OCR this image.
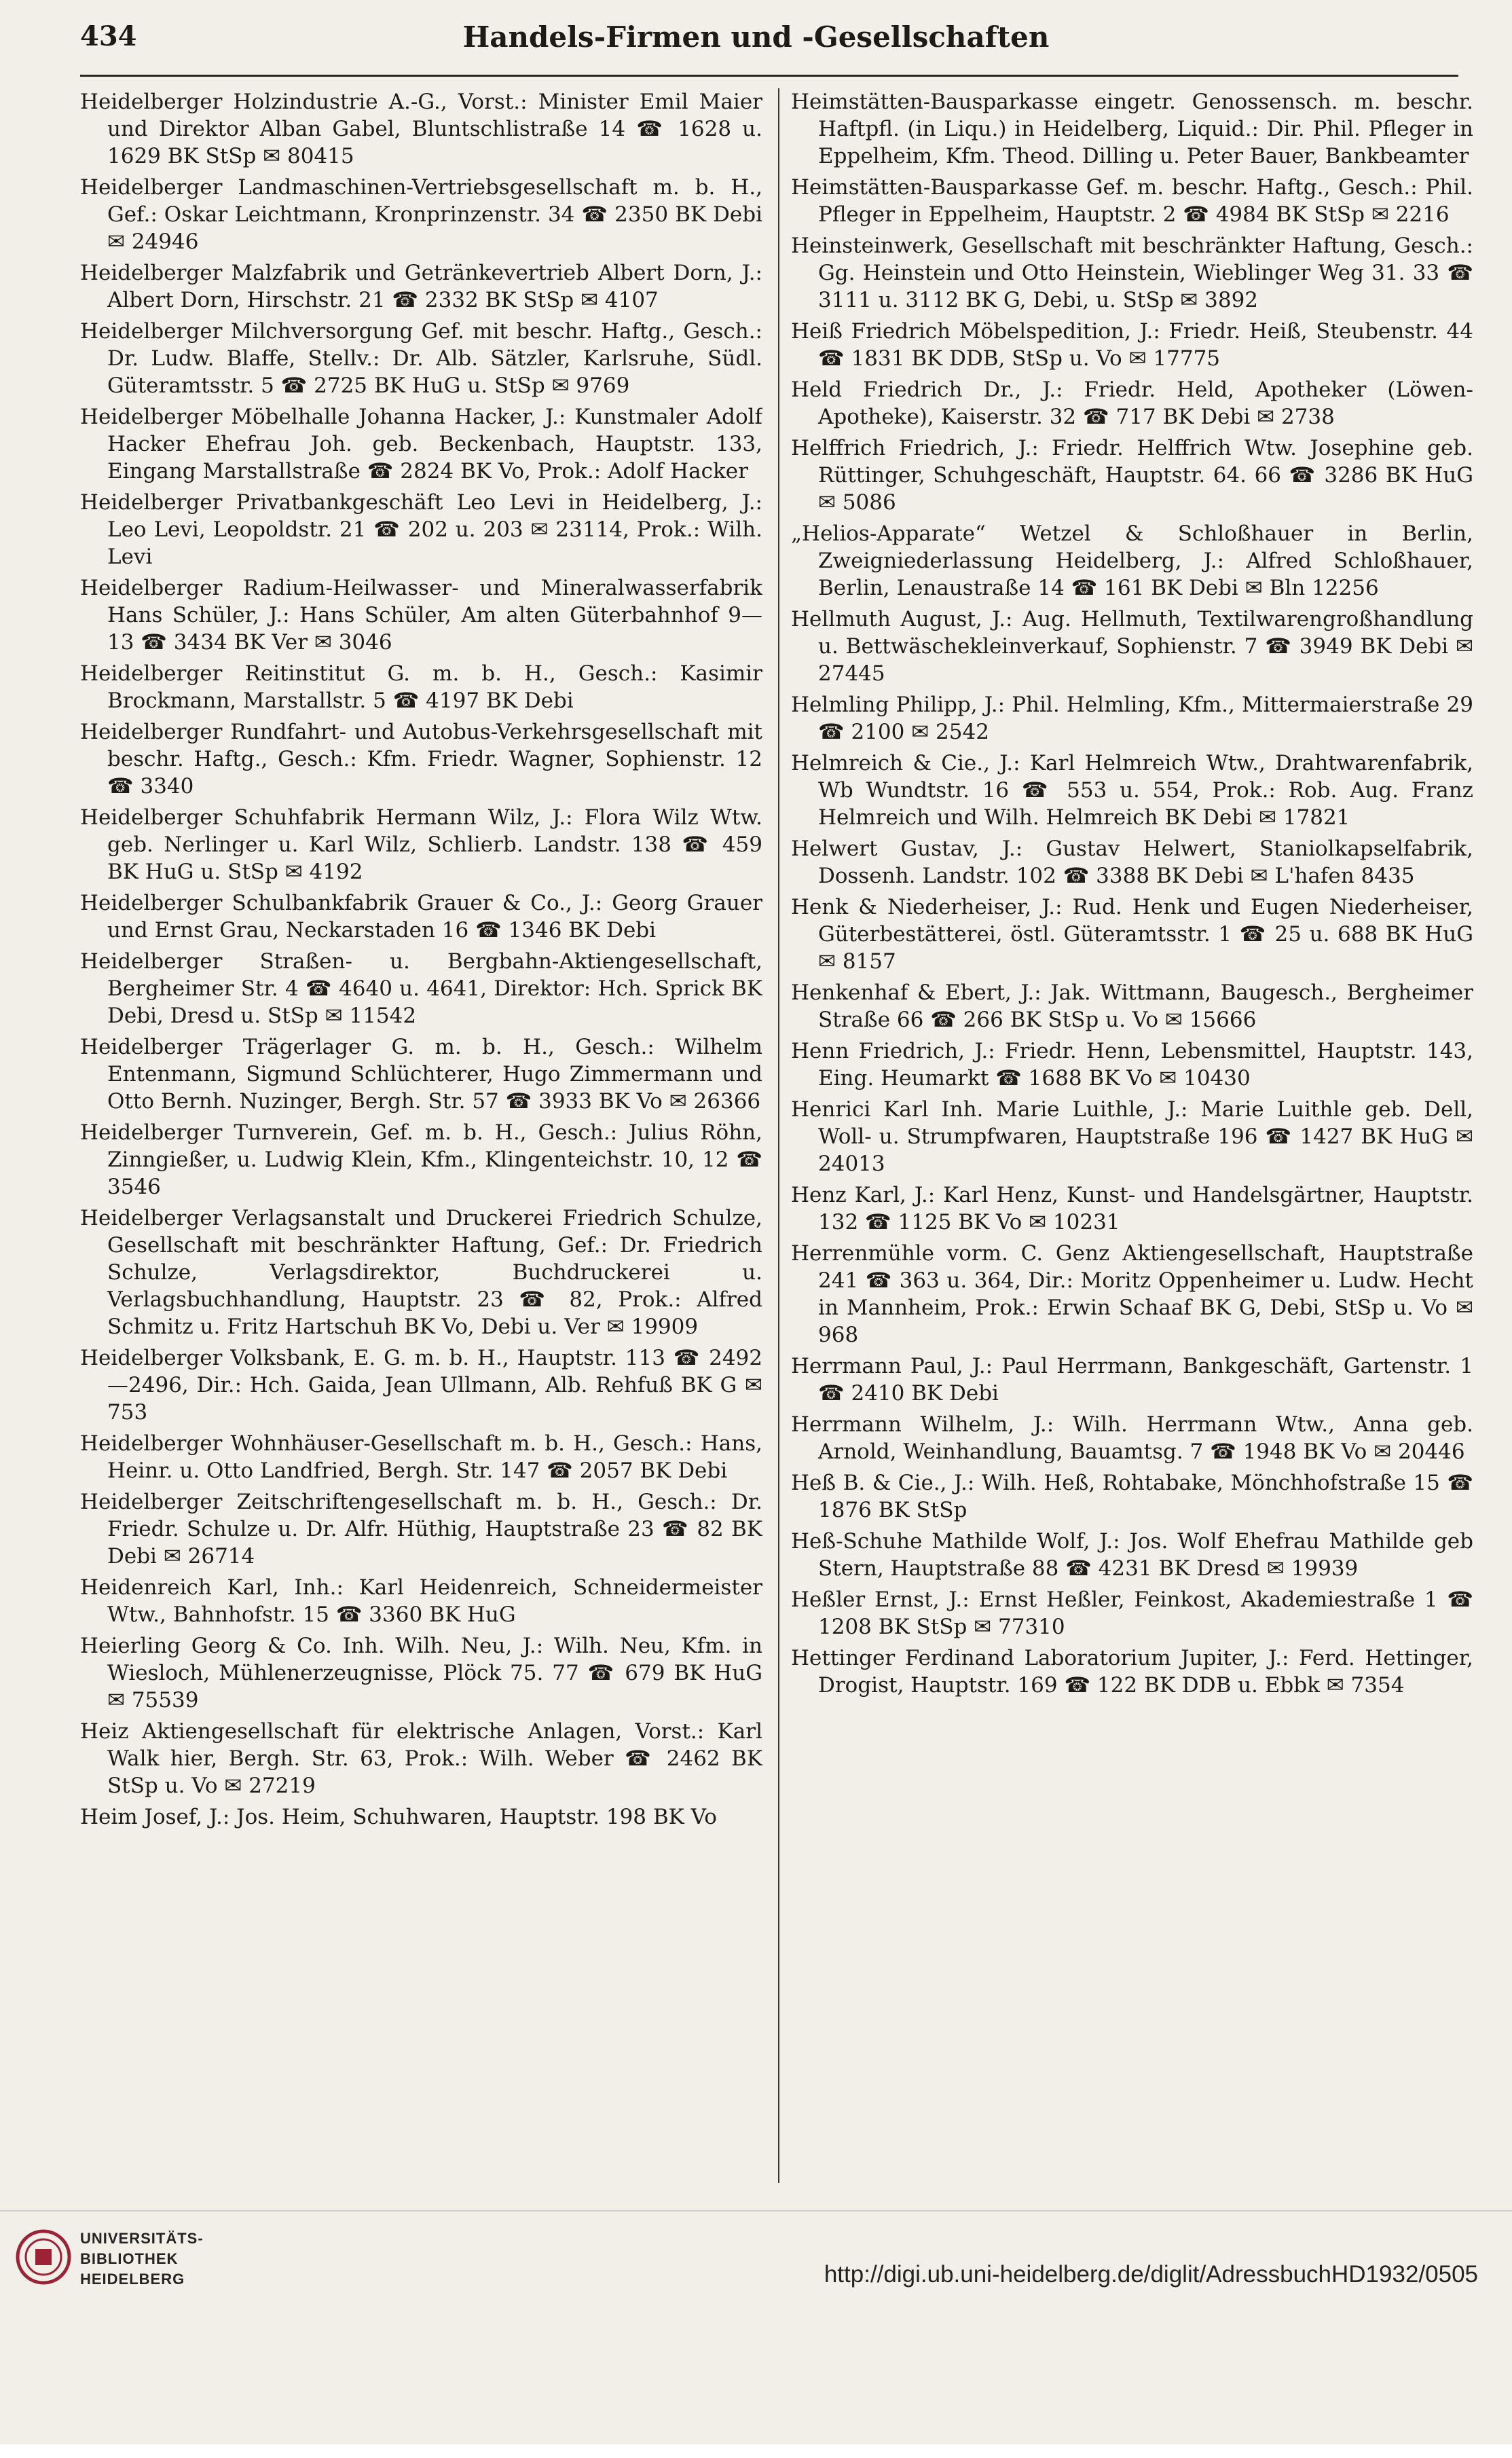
434	Handels-Firmen und -Gesellschaften

Heidelberger Holzindustrie A.-G., Vorst.: Minister Emil Maier und Direktor Alban Gabel, Bluntschlistraße 14 ☎ 1628 u. 1629 BK StSp ✉ 80415

Heidelberger Landmaschinen-Vertriebsgesellschaft m. b. H., Gef.: Oskar Leichtmann, Kronprinzenstr. 34 ☎ 2350 BK Debi ✉ 24946

Heidelberger Malzfabrik und Getränkevertrieb Albert Dorn, J.: Albert Dorn, Hirschstr. 21 ☎ 2332 BK StSp ✉ 4107

Heidelberger Milchversorgung Gef. mit beschr. Haftg., Gesch.: Dr. Ludw. Blaffe, Stellv.: Dr. Alb. Sätzler, Karlsruhe, Südl. Güteramtsstr. 5 ☎ 2725 BK HuG u. StSp ✉ 9769

Heidelberger Möbelhalle Johanna Hacker, J.: Kunstmaler Adolf Hacker Ehefrau Joh. geb. Beckenbach, Hauptstr. 133, Eingang Marstallstraße ☎ 2824 BK Vo, Prok.: Adolf Hacker

Heidelberger Privatbankgeschäft Leo Levi in Heidelberg, J.: Leo Levi, Leopoldstr. 21 ☎ 202 u. 203 ✉ 23114, Prok.: Wilh. Levi

Heidelberger Radium-Heilwasser- und Mineralwasserfabrik Hans Schüler, J.: Hans Schüler, Am alten Güterbahnhof 9—13 ☎ 3434 BK Ver ✉ 3046

Heidelberger Reitinstitut G. m. b. H., Gesch.: Kasimir Brockmann, Marstallstr. 5 ☎ 4197 BK Debi

Heidelberger Rundfahrt- und Autobus-Verkehrsgesellschaft mit beschr. Haftg., Gesch.: Kfm. Friedr. Wagner, Sophienstr. 12 ☎ 3340

Heidelberger Schuhfabrik Hermann Wilz, J.: Flora Wilz Wtw. geb. Nerlinger u. Karl Wilz, Schlierb. Landstr. 138 ☎ 459 BK HuG u. StSp ✉ 4192

Heidelberger Schulbankfabrik Grauer & Co., J.: Georg Grauer und Ernst Grau, Neckarstaden 16 ☎ 1346 BK Debi

Heidelberger Straßen- u. Bergbahn-Aktiengesellschaft, Bergheimer Str. 4 ☎ 4640 u. 4641, Direktor: Hch. Sprick BK Debi, Dresd u. StSp ✉ 11542

Heidelberger Trägerlager G. m. b. H., Gesch.: Wilhelm Entenmann, Sigmund Schlüchterer, Hugo Zimmermann und Otto Bernh. Nuzinger, Bergh. Str. 57 ☎ 3933 BK Vo ✉ 26366

Heidelberger Turnverein, Gef. m. b. H., Gesch.: Julius Röhn, Zinngießer, u. Ludwig Klein, Kfm., Klingenteichstr. 10, 12 ☎ 3546

Heidelberger Verlagsanstalt und Druckerei Friedrich Schulze, Gesellschaft mit beschränkter Haftung, Gef.: Dr. Friedrich Schulze, Verlagsdirektor, Buchdruckerei u. Verlagsbuchhandlung, Hauptstr. 23 ☎ 82, Prok.: Alfred Schmitz u. Fritz Hartschuh BK Vo, Debi u. Ver ✉ 19909

Heidelberger Volksbank, E. G. m. b. H., Hauptstr. 113 ☎ 2492—2496, Dir.: Hch. Gaida, Jean Ullmann, Alb. Rehfuß BK G ✉ 753

Heidelberger Wohnhäuser-Gesellschaft m. b. H., Gesch.: Hans, Heinr. u. Otto Landfried, Bergh. Str. 147 ☎ 2057 BK Debi

Heidelberger Zeitschriftengesellschaft m. b. H., Gesch.: Dr. Friedr. Schulze u. Dr. Alfr. Hüthig, Hauptstraße 23 ☎ 82 BK Debi ✉ 26714

Heidenreich Karl, Inh.: Karl Heidenreich, Schneidermeister Wtw., Bahnhofstr. 15 ☎ 3360 BK HuG

Heierling Georg & Co. Inh. Wilh. Neu, J.: Wilh. Neu, Kfm. in Wiesloch, Mühlenerzeugnisse, Plöck 75. 77 ☎ 679 BK HuG ✉ 75539

Heiz Aktiengesellschaft für elektrische Anlagen, Vorst.: Karl Walk hier, Bergh. Str. 63, Prok.: Wilh. Weber ☎ 2462 BK StSp u. Vo ✉ 27219

Heim Josef, J.: Jos. Heim, Schuhwaren, Hauptstr. 198 BK Vo

Heimstätten-Bausparkasse eingetr. Genossensch. m. beschr. Haftpfl. (in Liqu.) in Heidelberg, Liquid.: Dir. Phil. Pfleger in Eppelheim, Kfm. Theod. Dilling u. Peter Bauer, Bankbeamter

Heimstätten-Bausparkasse Gef. m. beschr. Haftg., Gesch.: Phil. Pfleger in Eppelheim, Hauptstr. 2 ☎ 4984 BK StSp ✉ 2216

Heinsteinwerk, Gesellschaft mit beschränkter Haftung, Gesch.: Gg. Heinstein und Otto Heinstein, Wieblinger Weg 31. 33 ☎ 3111 u. 3112 BK G, Debi, u. StSp ✉ 3892

Heiß Friedrich Möbelspedition, J.: Friedr. Heiß, Steubenstr. 44 ☎ 1831 BK DDB, StSp u. Vo ✉ 17775

Held Friedrich Dr., J.: Friedr. Held, Apotheker (Löwen-Apotheke), Kaiserstr. 32 ☎ 717 BK Debi ✉ 2738

Helffrich Friedrich, J.: Friedr. Helffrich Wtw. Josephine geb. Rüttinger, Schuhgeschäft, Hauptstr. 64. 66 ☎ 3286 BK HuG ✉ 5086

„Helios-Apparate“ Wetzel & Schloßhauer in Berlin, Zweigniederlassung Heidelberg, J.: Alfred Schloßhauer, Berlin, Lenaustraße 14 ☎ 161 BK Debi ✉ Bln 12256

Hellmuth August, J.: Aug. Hellmuth, Textilwarengroßhandlung u. Bettwäschekleinverkauf, Sophienstr. 7 ☎ 3949 BK Debi ✉ 27445

Helmling Philipp, J.: Phil. Helmling, Kfm., Mittermaierstraße 29 ☎ 2100 ✉ 2542

Helmreich & Cie., J.: Karl Helmreich Wtw., Drahtwarenfabrik, Wb Wundtstr. 16 ☎ 553 u. 554, Prok.: Rob. Aug. Franz Helmreich und Wilh. Helmreich BK Debi ✉ 17821

Helwert Gustav, J.: Gustav Helwert, Staniolkapselfabrik, Dossenh. Landstr. 102 ☎ 3388 BK Debi ✉ L'hafen 8435

Henk & Niederheiser, J.: Rud. Henk und Eugen Niederheiser, Güterbestätterei, östl. Güteramtsstr. 1 ☎ 25 u. 688 BK HuG ✉ 8157

Henkenhaf & Ebert, J.: Jak. Wittmann, Baugesch., Bergheimer Straße 66 ☎ 266 BK StSp u. Vo ✉ 15666

Henn Friedrich, J.: Friedr. Henn, Lebensmittel, Hauptstr. 143, Eing. Heumarkt ☎ 1688 BK Vo ✉ 10430

Henrici Karl Inh. Marie Luithle, J.: Marie Luithle geb. Dell, Woll- u. Strumpfwaren, Hauptstraße 196 ☎ 1427 BK HuG ✉ 24013

Henz Karl, J.: Karl Henz, Kunst- und Handelsgärtner, Hauptstr. 132 ☎ 1125 BK Vo ✉ 10231

Herrenmühle vorm. C. Genz Aktiengesellschaft, Hauptstraße 241 ☎ 363 u. 364, Dir.: Moritz Oppenheimer u. Ludw. Hecht in Mannheim, Prok.: Erwin Schaaf BK G, Debi, StSp u. Vo ✉ 968

Herrmann Paul, J.: Paul Herrmann, Bankgeschäft, Gartenstr. 1 ☎ 2410 BK Debi

Herrmann Wilhelm, J.: Wilh. Herrmann Wtw., Anna geb. Arnold, Weinhandlung, Bauamtsg. 7 ☎ 1948 BK Vo ✉ 20446

Heß B. & Cie., J.: Wilh. Heß, Rohtabake, Mönchhofstraße 15 ☎ 1876 BK StSp

Heß-Schuhe Mathilde Wolf, J.: Jos. Wolf Ehefrau Mathilde geb Stern, Hauptstraße 88 ☎ 4231 BK Dresd ✉ 19939

Heßler Ernst, J.: Ernst Heßler, Feinkost, Akademiestraße 1 ☎ 1208 BK StSp ✉ 77310

Hettinger Ferdinand Laboratorium Jupiter, J.: Ferd. Hettinger, Drogist, Hauptstr. 169 ☎ 122 BK DDB u. Ebbk ✉ 7354

UNIVERSITÄTS-
BIBLIOTHEK
HEIDELBERG	http://digi.ub.uni-heidelberg.de/diglit/AdressbuchHD1932/0505
